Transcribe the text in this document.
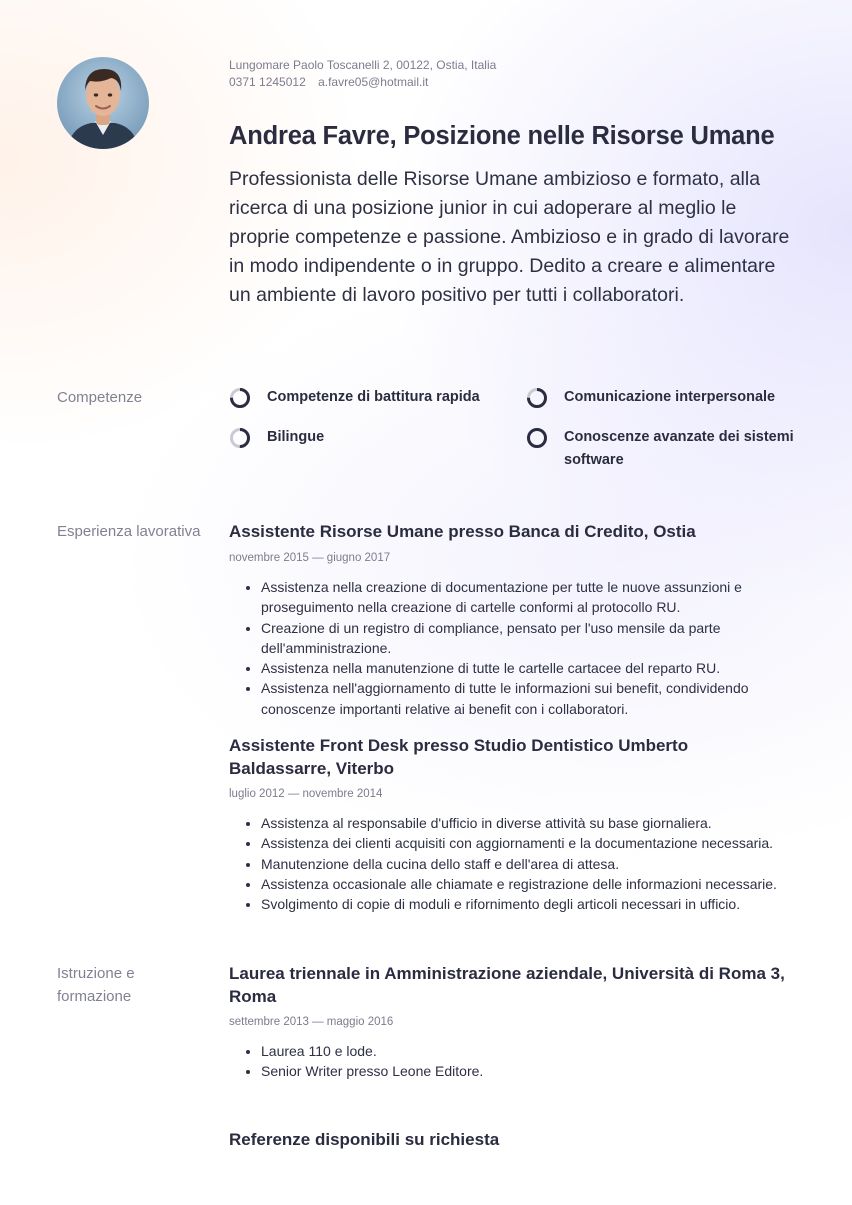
Lungomare Paolo Toscanelli 2, 00122, Ostia, Italia
0371 1245012 a.favre05@hotmail.it
Andrea Favre, Posizione nelle Risorse Umane

Professionista delle Risorse Umane ambizioso e formato, alla ricerca di una posizione junior in cui adoperare al meglio le proprie competenze e passione. Ambizioso e in grado di lavorare in modo indipendente o in gruppo. Dedito a creare e alimentare un ambiente di lavoro positivo per tutti i collaboratori.

Competenze	Competenze di battitura rapida	Comunicazione interpersonale
Bilingue	Conoscenze avanzate dei sistemi software
Esperienza lavorativa	Assistente Risorse Umane presso Banca di Credito, Ostia
novembre 2015 — giugno 2017
• Assistenza nella creazione di documentazione per tutte le nuove assunzioni e proseguimento nella creazione di cartelle conformi al protocollo RU.
• Creazione di un registro di compliance, pensato per l'uso mensile da parte dell'amministrazione.
• Assistenza nella manutenzione di tutte le cartelle cartacee del reparto RU.
• Assistenza nell'aggiornamento di tutte le informazioni sui benefit, condividendo conoscenze importanti relative ai benefit con i collaboratori.
Assistente Front Desk presso Studio Dentistico Umberto Baldassarre, Viterbo
luglio 2012 — novembre 2014
• Assistenza al responsabile d'ufficio in diverse attività su base giornaliera.
• Assistenza dei clienti acquisiti con aggiornamenti e la documentazione necessaria.
• Manutenzione della cucina dello staff e dell'area di attesa.
• Assistenza occasionale alle chiamate e registrazione delle informazioni necessarie.
• Svolgimento di copie di moduli e rifornimento degli articoli necessari in ufficio.
Istruzione e formazione
Laurea triennale in Amministrazione aziendale, Università di Roma 3, Roma
settembre 2013 — maggio 2016
• Laurea 110 e lode.
• Senior Writer presso Leone Editore.
Referenze disponibili su richiesta
